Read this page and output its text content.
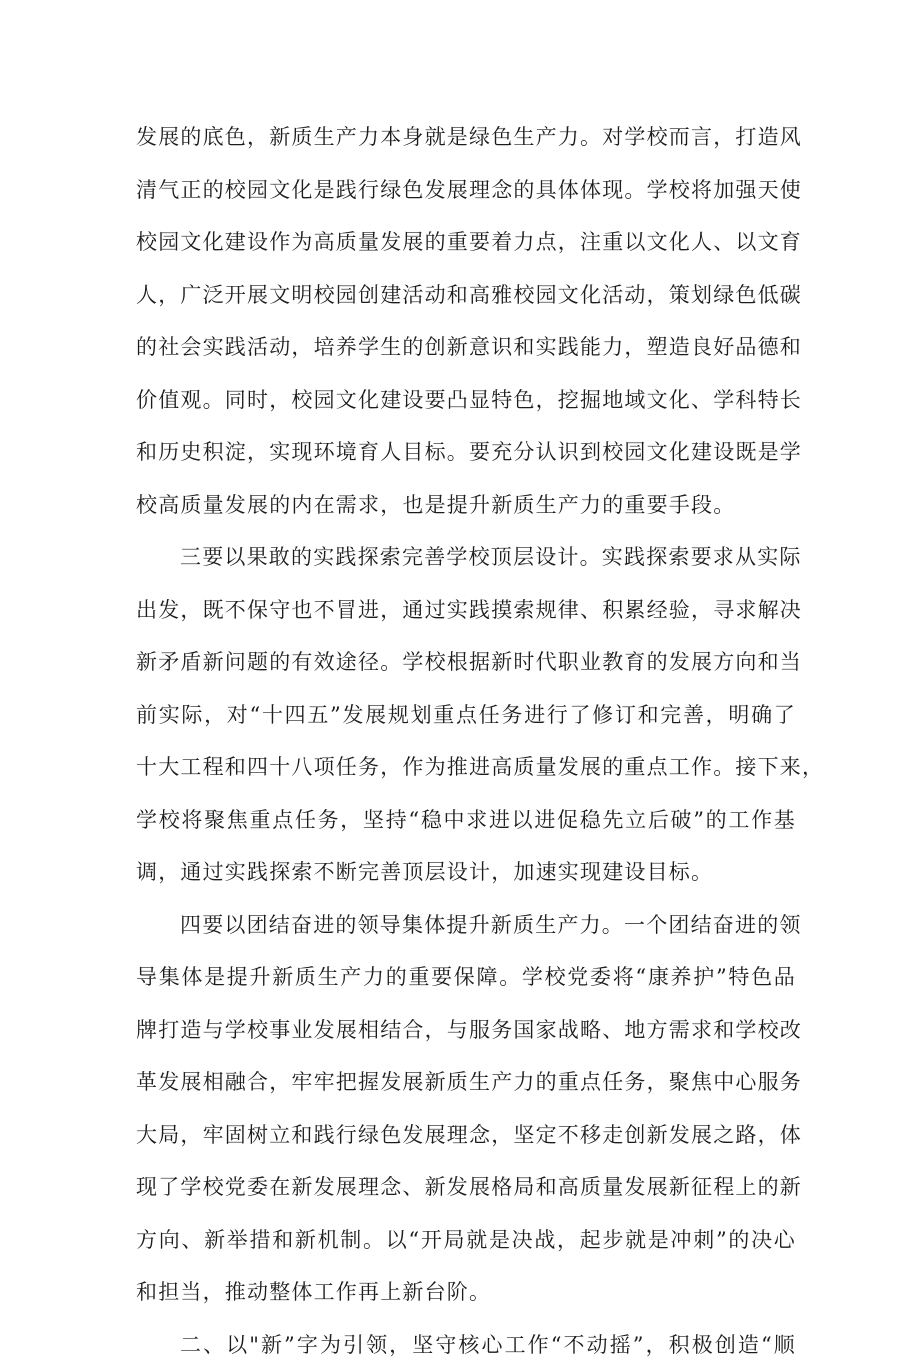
发展的底色，新质生产力本身就是绿色生产力。对学校而言，打造风
清气正的校园文化是践行绿色发展理念的具体体现。学校将加强天使
校园文化建设作为高质量发展的重要着力点，注重以文化人、以文育
人，广泛开展文明校园创建活动和高雅校园文化活动，策划绿色低碳
的社会实践活动，培养学生的创新意识和实践能力，塑造良好品德和
价值观。同时，校园文化建设要凸显特色，挖掘地域文化、学科特长
和历史积淀，实现环境育人目标。要充分认识到校园文化建设既是学
校高质量发展的内在需求，也是提升新质生产力的重要手段。
三要以果敢的实践探索完善学校顶层设计。实践探索要求从实际
出发，既不保守也不冒进，通过实践摸索规律、积累经验，寻求解决
新矛盾新问题的有效途径。学校根据新时代职业教育的发展方向和当
前实际，对“十四五”发展规划重点任务进行了修订和完善，明确了
十大工程和四十八项任务，作为推进高质量发展的重点工作。接下来，
学校将聚焦重点任务，坚持“稳中求进以进促稳先立后破”的工作基
调，通过实践探索不断完善顶层设计，加速实现建设目标。
四要以团结奋进的领导集体提升新质生产力。一个团结奋进的领
导集体是提升新质生产力的重要保障。学校党委将“康养护”特色品
牌打造与学校事业发展相结合，与服务国家战略、地方需求和学校改
革发展相融合，牢牢把握发展新质生产力的重点任务，聚焦中心服务
大局，牢固树立和践行绿色发展理念，坚定不移走创新发展之路，体
现了学校党委在新发展理念、新发展格局和高质量发展新征程上的新
方向、新举措和新机制。以“开局就是决战，起步就是冲刺”的决心
和担当，推动整体工作再上新台阶。
二、以"新”字为引领，坚守核心工作“不动摇”，积极创造“顺
